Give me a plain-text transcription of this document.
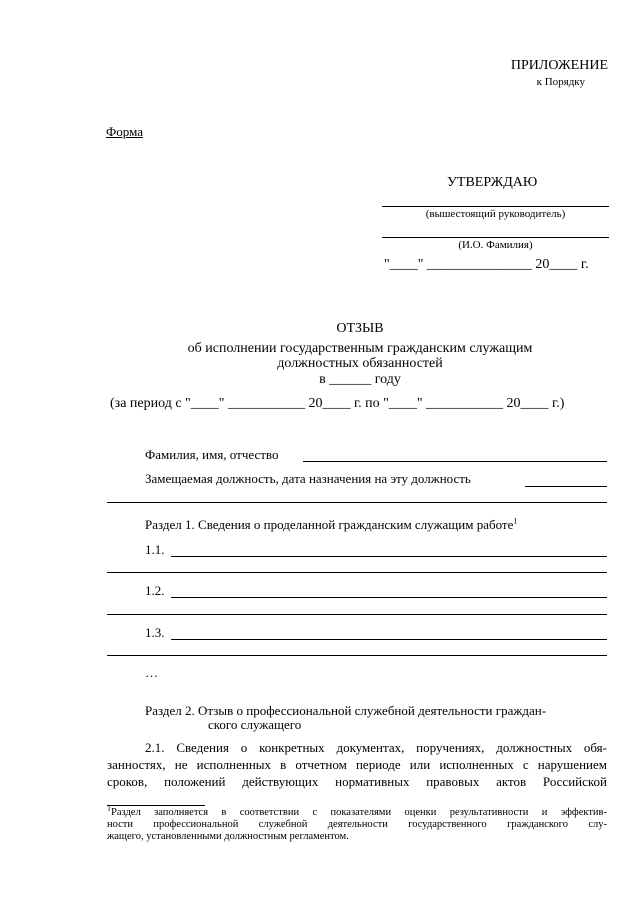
ПРИЛОЖЕНИЕ
к Порядку
Форма
УТВЕРЖДАЮ
(вышестоящий руководитель)
(И.О. Фамилия)
"____" _______________ 20____ г.
ОТЗЫВ
об исполнении государственным гражданским служащим
должностных обязанностей
в ______ году
(за период с "____" ___________ 20____ г. по "____" ___________ 20____ г.)
Фамилия, имя, отчество
Замещаемая должность, дата назначения на эту должность
Раздел 1. Сведения о проделанной гражданским служащим работе$^1$
1.1.
1.2.
1.3.
…
Раздел 2. Отзыв о профессиональной служебной деятельности граждан-
ского служащего
2.1. Сведения о конкретных документах, поручениях, должностных обя-
занностях, не исполненных в отчетном периоде или исполненных с нарушением
сроков, положений действующих нормативных правовых актов Российской
$^1$Раздел заполняется в соответствии с показателями оценки результативности и эффектив-
ности профессиональной служебной деятельности государственного гражданского слу-
жащего, установленными должностным регламентом.
